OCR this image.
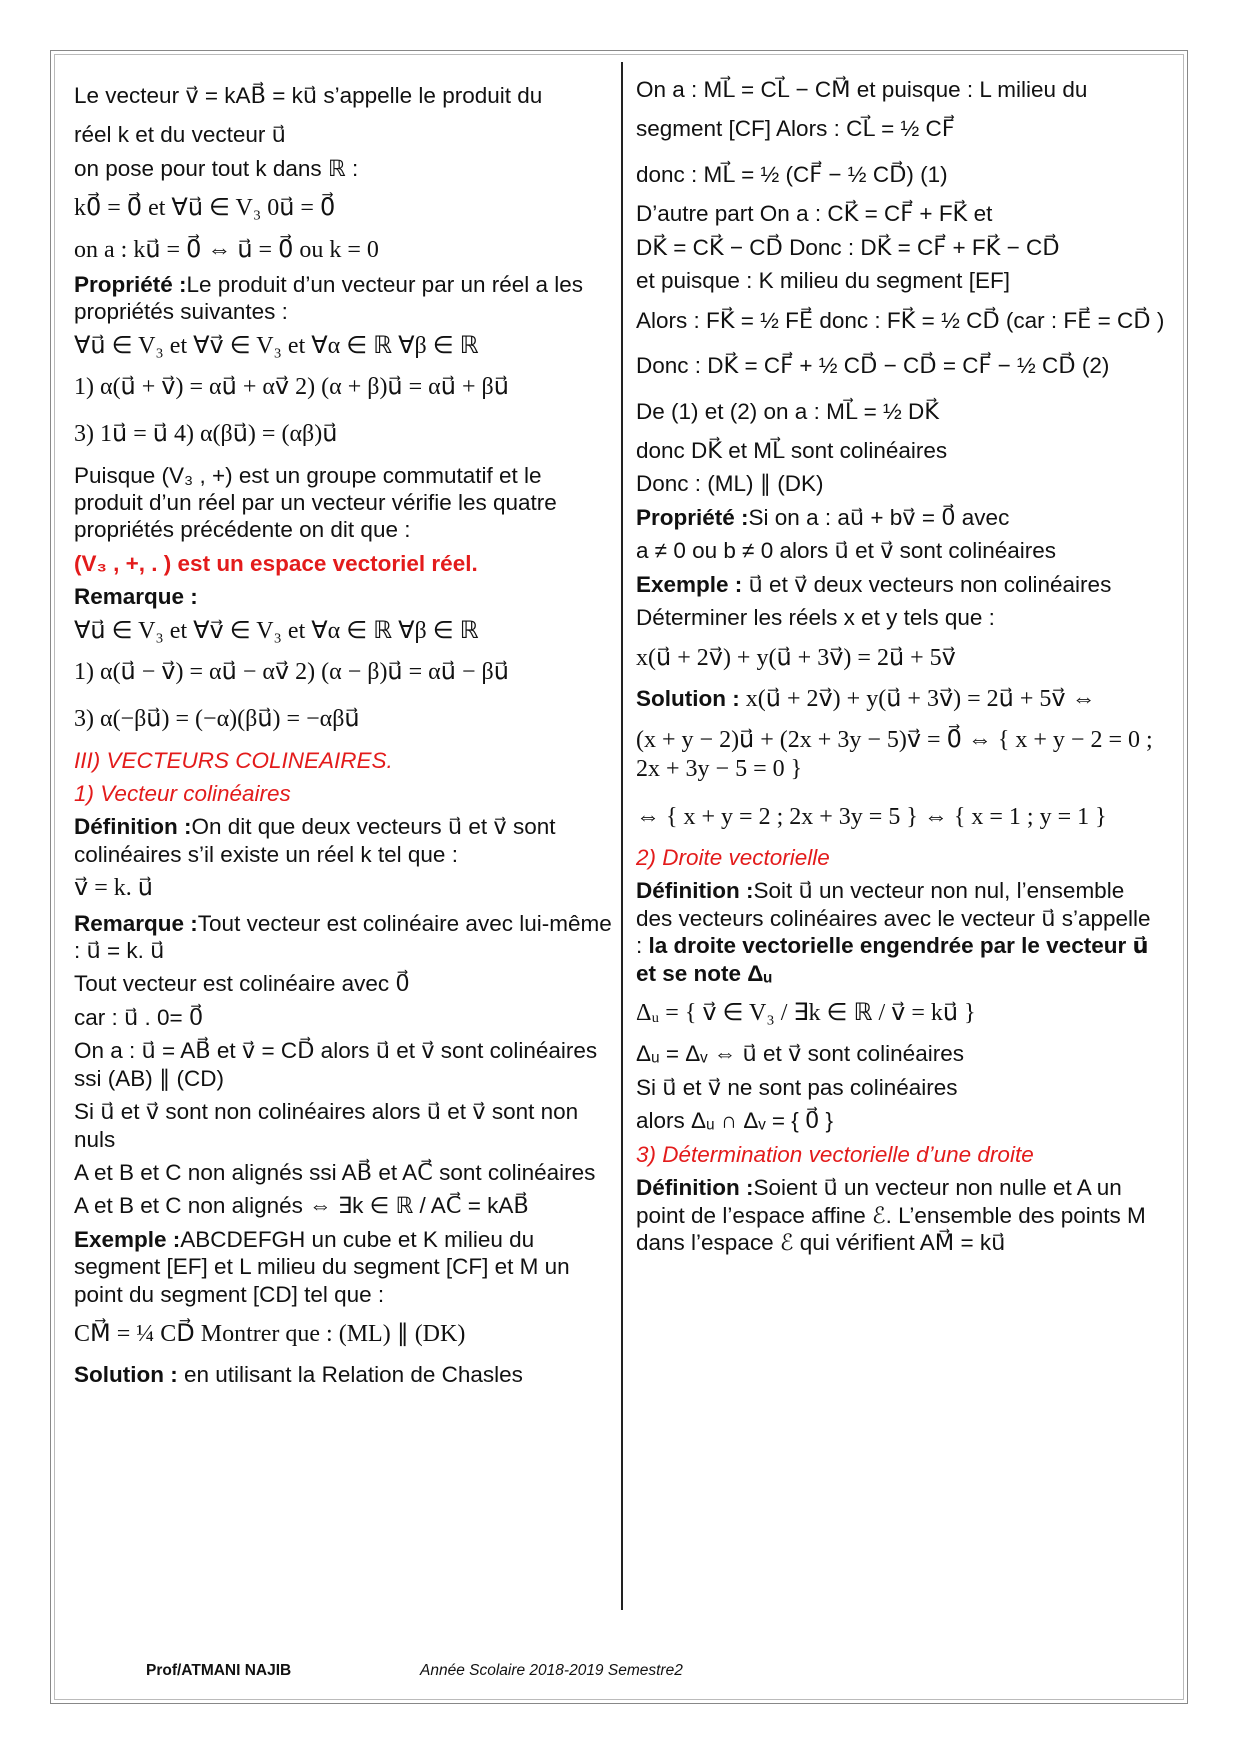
Le vecteur v⃗ = kAB⃗ = ku⃗ s’appelle le produit du
réel k et du vecteur u⃗
on pose pour tout k dans ℝ :
k0⃗ = 0⃗ et ∀u⃗ ∈ V₃ 0u⃗ = 0⃗
on a : ku⃗ = 0⃗ ⇔ u⃗ = 0⃗ ou k = 0
Propriété :Le produit d’un vecteur par un réel a les propriétés suivantes :
∀u⃗ ∈ V₃ et ∀v⃗ ∈ V₃ et ∀α ∈ ℝ ∀β ∈ ℝ
1) α(u⃗ + v⃗) = αu⃗ + αv⃗ 2) (α + β)u⃗ = αu⃗ + βu⃗
3) 1u⃗ = u⃗ 4) α(βu⃗) = (αβ)u⃗
Puisque (V₃ , +) est un groupe commutatif et le produit d’un réel par un vecteur vérifie les quatre propriétés précédente on dit que :
(V₃ , +, . ) est un espace vectoriel réel.
Remarque :
∀u⃗ ∈ V₃ et ∀v⃗ ∈ V₃ et ∀α ∈ ℝ ∀β ∈ ℝ
1) α(u⃗ − v⃗) = αu⃗ − αv⃗ 2) (α − β)u⃗ = αu⃗ − βu⃗
3) α(−βu⃗) = (−α)(βu⃗) = −αβu⃗
III) VECTEURS COLINEAIRES.
1) Vecteur colinéaires
Définition :On dit que deux vecteurs u⃗ et v⃗ sont colinéaires s’il existe un réel k tel que :
v⃗ = k. u⃗
Remarque :Tout vecteur est colinéaire avec lui-même : u⃗ = k. u⃗
Tout vecteur est colinéaire avec 0⃗
car : u⃗ . 0= 0⃗
On a : u⃗ = AB⃗ et v⃗ = CD⃗ alors u⃗ et v⃗ sont colinéaires ssi (AB) ∥ (CD)
Si u⃗ et v⃗ sont non colinéaires alors u⃗ et v⃗ sont non nuls
A et B et C non alignés ssi AB⃗ et AC⃗ sont colinéaires
A et B et C non alignés ⇔ ∃k ∈ ℝ / AC⃗ = kAB⃗
Exemple :ABCDEFGH un cube et K milieu du segment [EF] et L milieu du segment [CF] et M un point du segment [CD] tel que :
CM⃗ = ¼ CD⃗ Montrer que : (ML) ∥ (DK)
Solution : en utilisant la Relation de Chasles
On a : ML⃗ = CL⃗ − CM⃗ et puisque : L milieu du
segment [CF] Alors : CL⃗ = ½ CF⃗
donc : ML⃗ = ½ (CF⃗ − ½ CD⃗) (1)
D’autre part On a : CK⃗ = CF⃗ + FK⃗ et
DK⃗ = CK⃗ − CD⃗ Donc : DK⃗ = CF⃗ + FK⃗ − CD⃗
et puisque : K milieu du segment [EF]
Alors : FK⃗ = ½ FE⃗ donc : FK⃗ = ½ CD⃗ (car : FE⃗ = CD⃗ )
Donc : DK⃗ = CF⃗ + ½ CD⃗ − CD⃗ = CF⃗ − ½ CD⃗ (2)
De (1) et (2) on a : ML⃗ = ½ DK⃗
donc DK⃗ et ML⃗ sont colinéaires
Donc : (ML) ∥ (DK)
Propriété :Si on a : au⃗ + bv⃗ = 0⃗ avec
a ≠ 0 ou b ≠ 0 alors u⃗ et v⃗ sont colinéaires
Exemple : u⃗ et v⃗ deux vecteurs non colinéaires
Déterminer les réels x et y tels que :
x(u⃗ + 2v⃗) + y(u⃗ + 3v⃗) = 2u⃗ + 5v⃗
Solution : x(u⃗ + 2v⃗) + y(u⃗ + 3v⃗) = 2u⃗ + 5v⃗ ⇔
(x + y − 2)u⃗ + (2x + 3y − 5)v⃗ = 0⃗ ⇔ { x + y − 2 = 0 ; 2x + 3y − 5 = 0 }
⇔ { x + y = 2 ; 2x + 3y = 5 } ⇔ { x = 1 ; y = 1 }
2) Droite vectorielle
Définition :Soit u⃗ un vecteur non nul, l’ensemble des vecteurs colinéaires avec le vecteur u⃗ s’appelle : la droite vectorielle engendrée par le vecteur u⃗ et se note Δᵤ
Δᵤ = { v⃗ ∈ V₃ / ∃k ∈ ℝ / v⃗ = ku⃗ }
Δᵤ = Δᵥ ⇔ u⃗ et v⃗ sont colinéaires
Si u⃗ et v⃗ ne sont pas colinéaires
alors Δᵤ ∩ Δᵥ = { 0⃗ }
3) Détermination vectorielle d’une droite
Définition :Soient u⃗ un vecteur non nulle et A un point de l’espace affine ℰ. L’ensemble des points M dans l’espace ℰ qui vérifient AM⃗ = ku⃗
Prof/ATMANI NAJIB	Année Scolaire 2018-2019 Semestre2
